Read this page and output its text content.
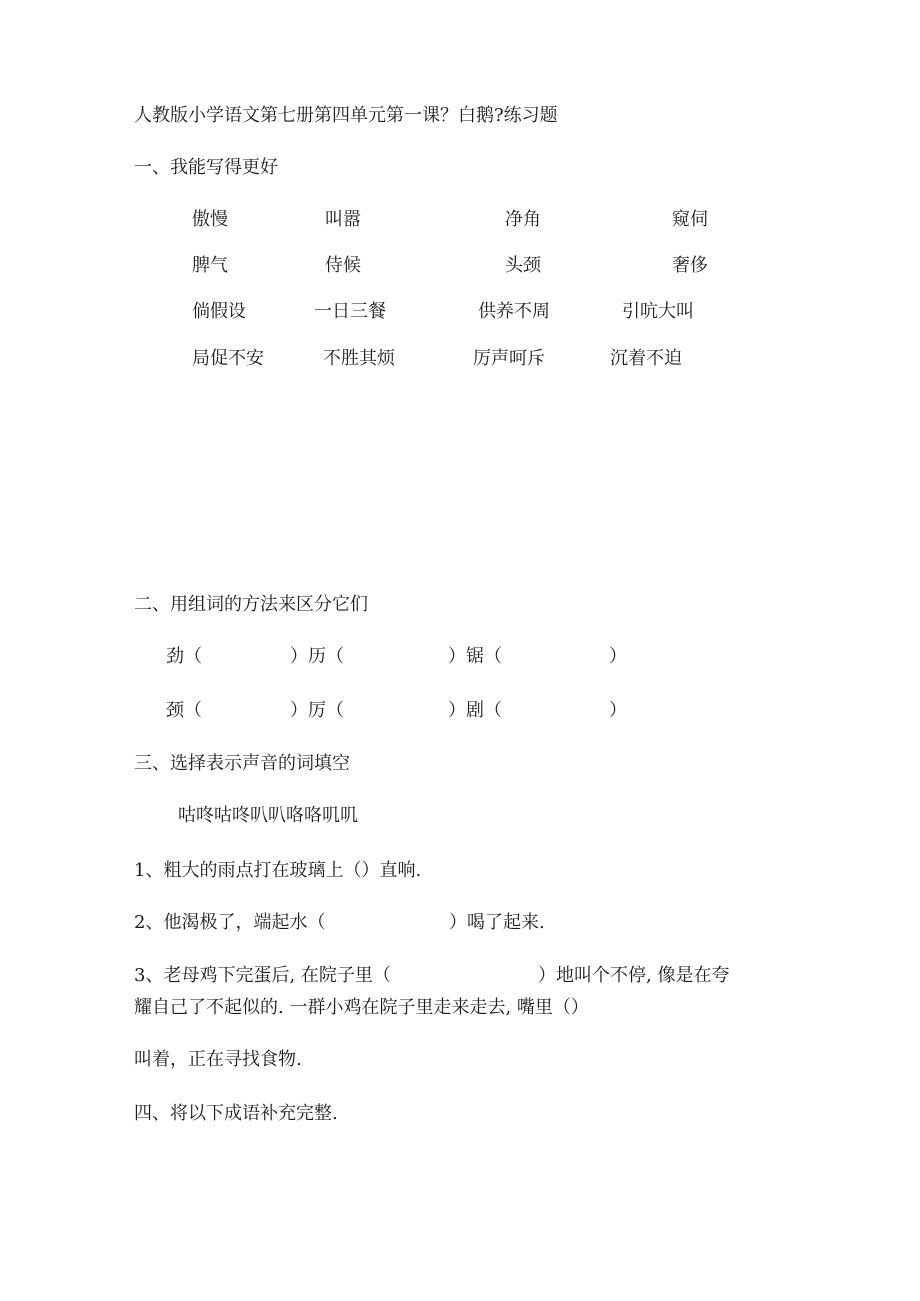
人教版小学语文第七册第四单元第一课？白鹅?练习题
一、我能写得更好
傲慢	叫嚣	净角	窥伺
脾气	侍候	头颈	奢侈
倘假设	一日三餐	供养不周	引吭大叫
局促不安	不胜其烦	厉声呵斥	沉着不迫
二、用组词的方法来区分它们
劲（	）历（	）锯（	）
颈（	）厉（	）剧（	）
三、选择表示声音的词填空
咕咚咕咚叭叭咯咯叽叽
1、粗大的雨点打在玻璃上（）直响.
2、他渴极了，端起水（	）喝了起来.
3、老母鸡下完蛋后, 在院子里（	）地叫个不停, 像是在夸
耀自己了不起似的. 一群小鸡在院子里走来走去, 嘴里（）
叫着，正在寻找食物.
四、将以下成语补充完整.
